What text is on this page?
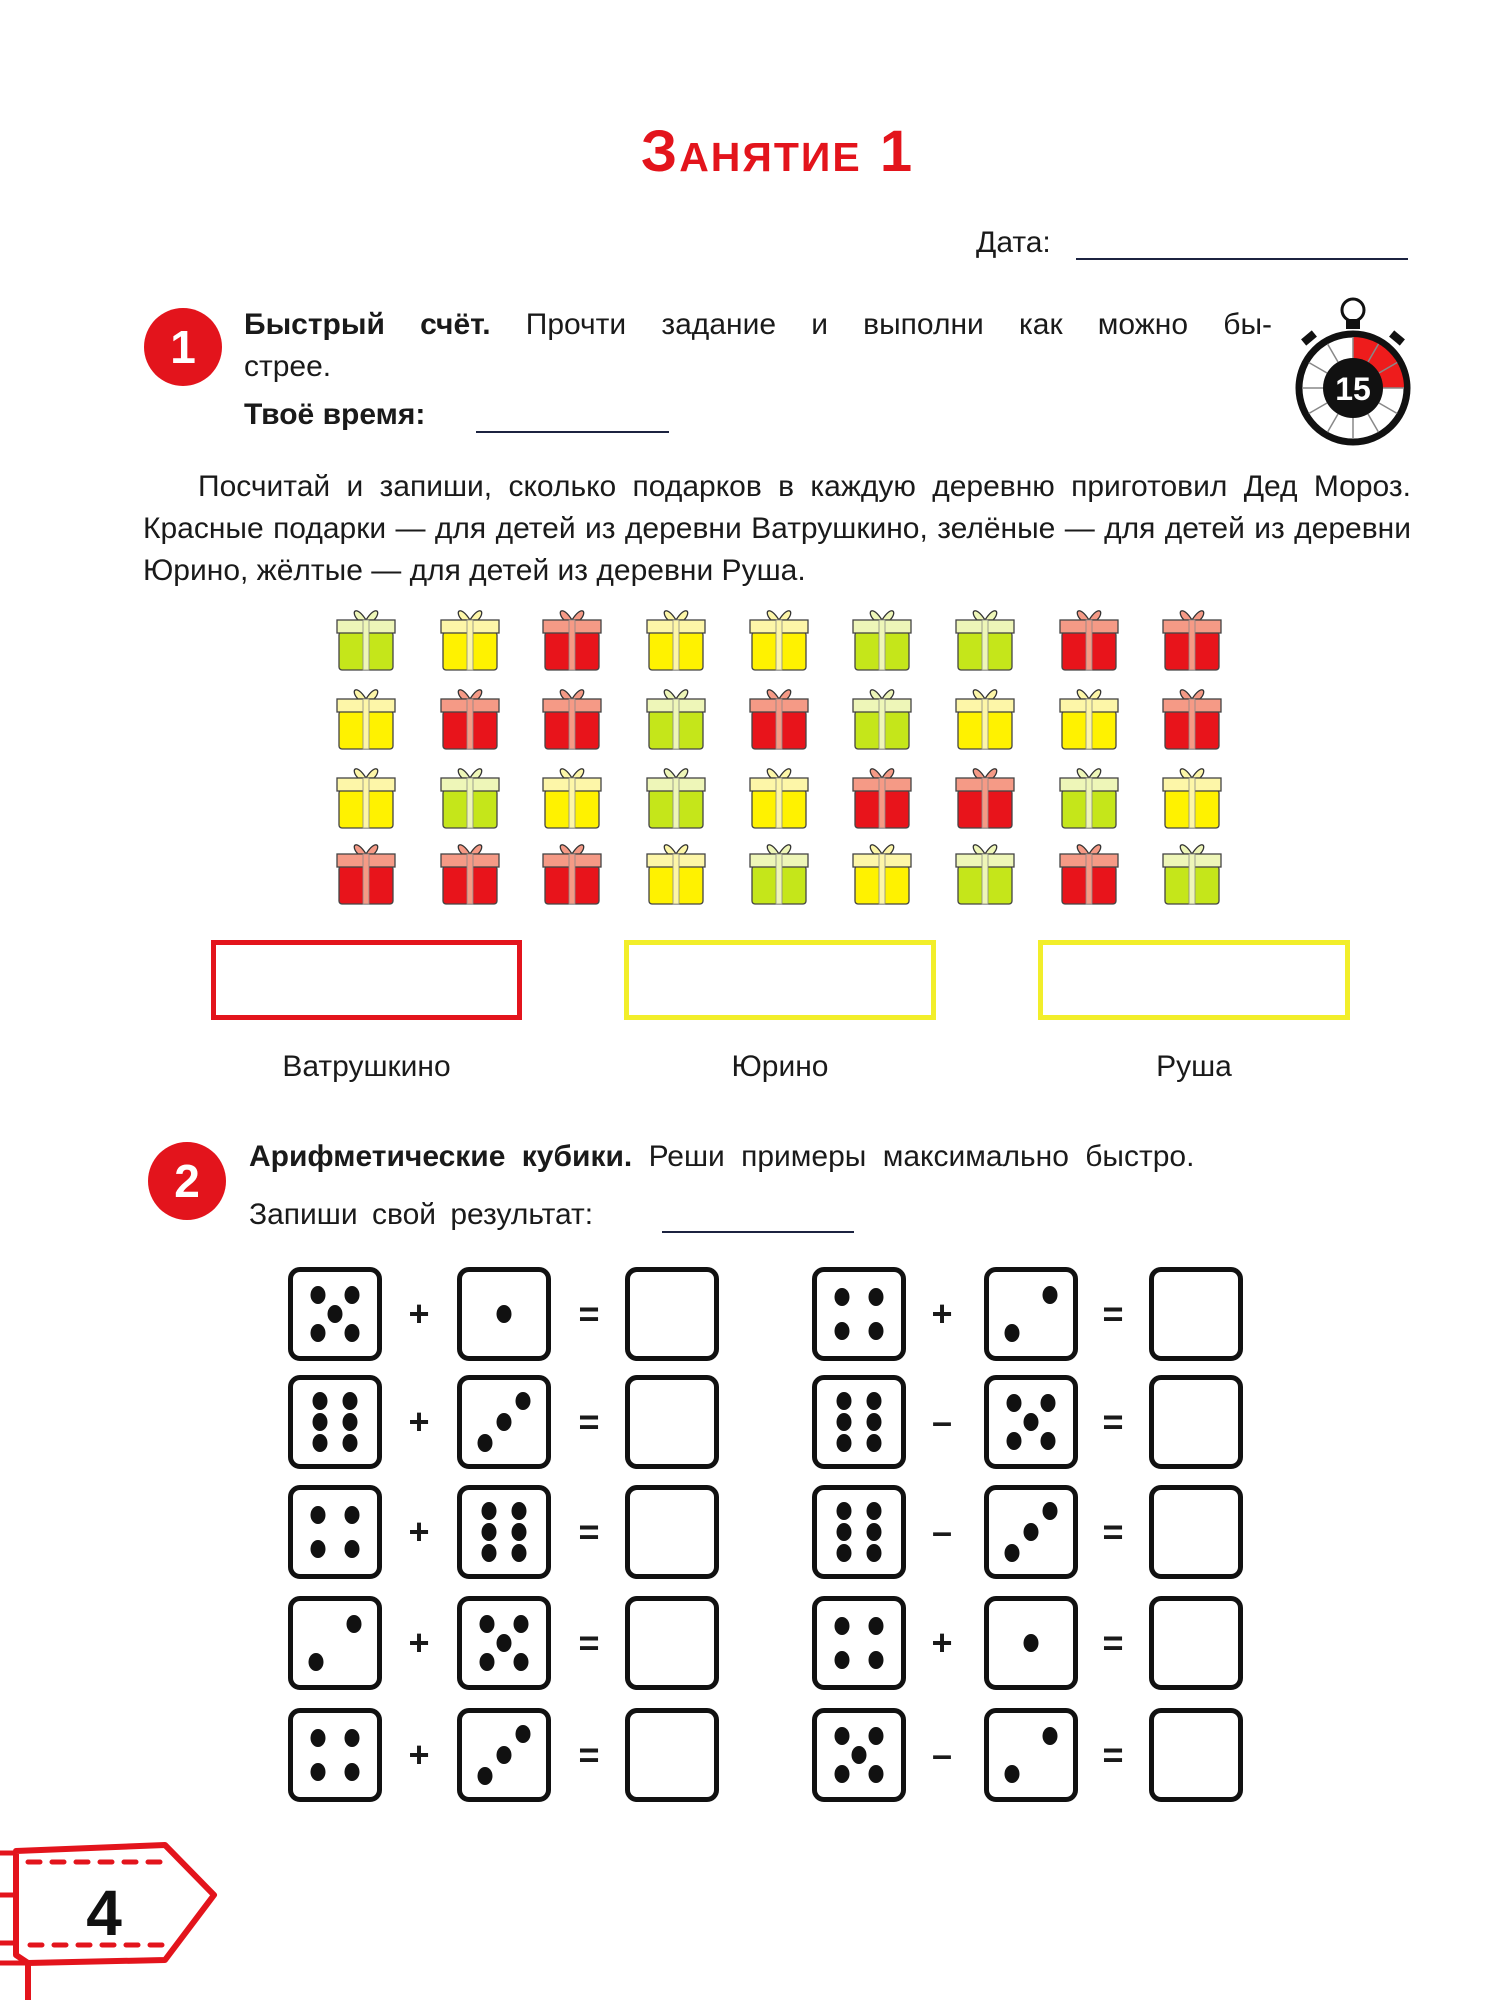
Занятие 1
Дата:
1	Быстрый счёт. Прочти задание и выполни как можно бы-
стрее.
Твоё время:
15
Посчитай и запиши, сколько подарков в каждую деревню приготовил Дед Мороз. Красные подарки — для детей из деревни Ватрушкино, зелёные — для детей из деревни Юрино, жёлтые — для детей из деревни Руша.
Ватрушкино	Юрино	Руша
2	Арифметические кубики. Реши примеры максимально быстро.
Запиши свой результат:
+	=
+	=
+	=
+	=
+	=
+	=
–	=
–	=
+	=
–	=
4
